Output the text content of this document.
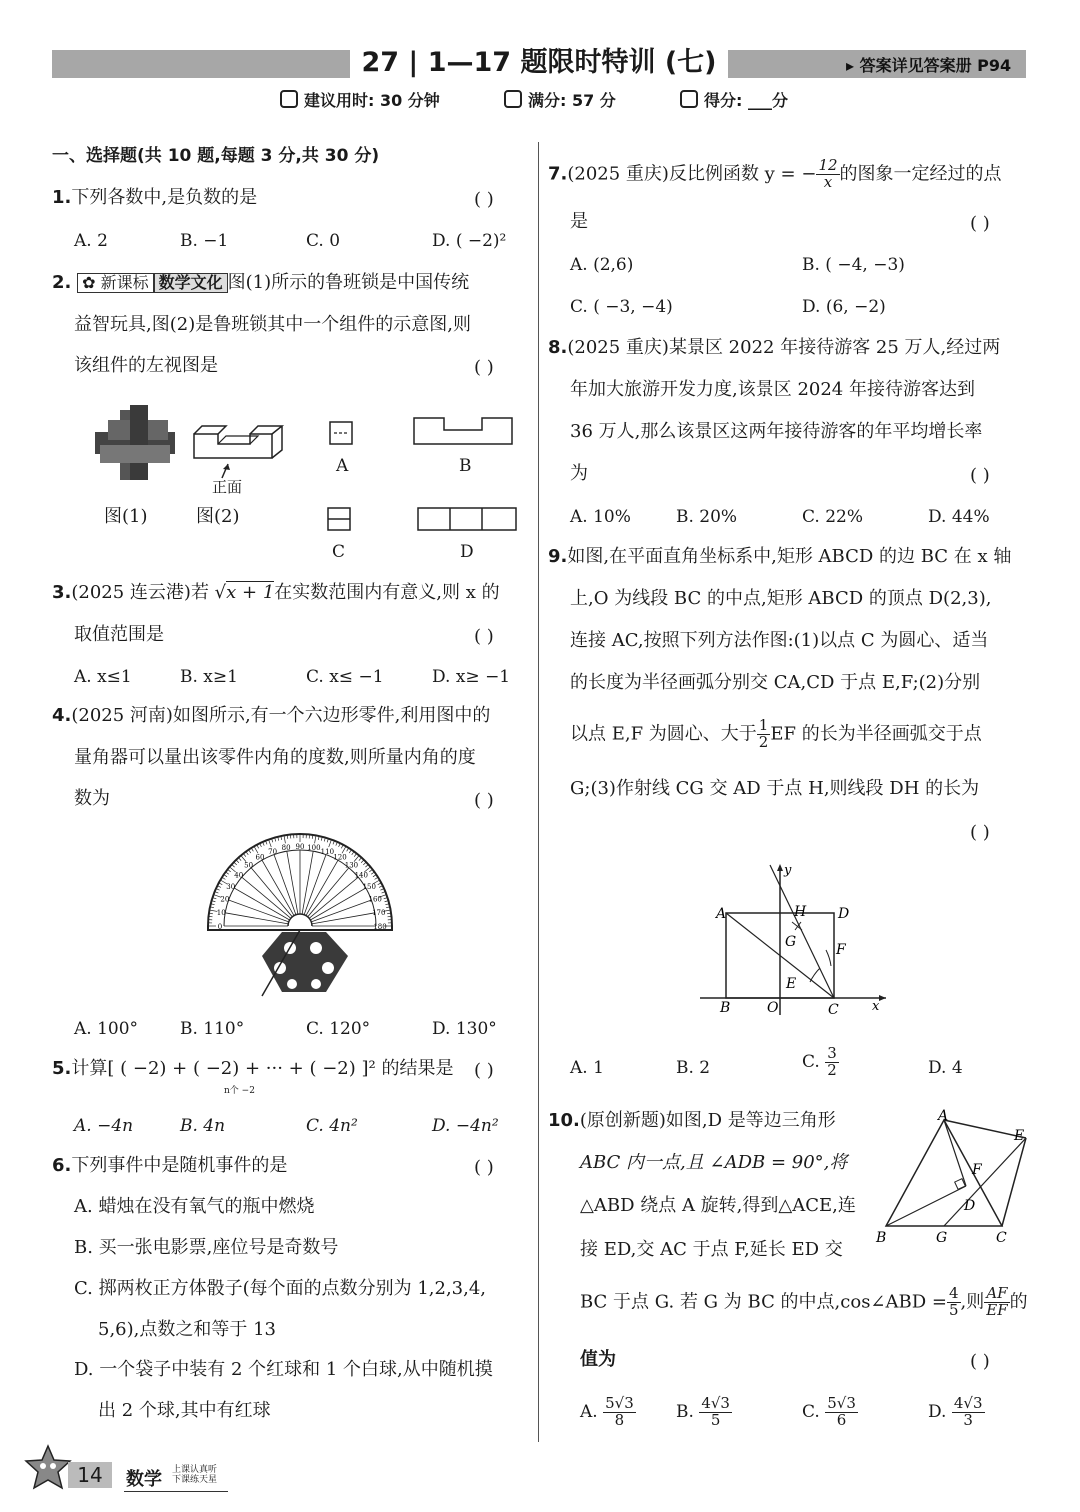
27 | 1—17 题限时特训 (七)	▸ 答案详见答案册 P94
建议用时: 30 分钟	满分: 57 分	得分: ___分
一、选择题(共 10 题,每题 3 分,共 30 分)
1.下列各数中,是负数的是	( )
A. 2	B. −1	C. 0	D. ( −2)²
2. ✿ 新课标 数学文化 图(1)所示的鲁班锁是中国传统
益智玩具,图(2)是鲁班锁其中一个组件的示意图,则
该组件的左视图是	( )
正面
图(1)	图(2)
A	B
C	D
3.(2025 连云港)若 √x + 1在实数范围内有意义,则 x 的
取值范围是	( )
A. x≤1	B. x≥1	C. x≤ −1	D. x≥ −1
4.(2025 河南)如图所示,有一个六边形零件,利用图中的
量角器可以量出该零件内角的度数,则所量内角的度
数为	( )
0
10
20
30
40
50
60
70 80 90 100 110
120
130
140
150
160
170
180
A. 100° B. 110°	C. 120°	D. 130°
5.计算[ ( −2) + ( −2) + ··· + ( −2) ]² 的结果是
n个 −2
( )
A. −4n	B. 4n	C. 4n²	D. −4n²
6.下列事件中是随机事件的是	( )
A. 蜡烛在没有氧气的瓶中燃烧
B. 买一张电影票,座位号是奇数号
C. 掷两枚正方体骰子(每个面的点数分别为 1,2,3,4,
5,6),点数之和等于 13
D. 一个袋子中装有 2 个红球和 1 个白球,从中随机摸
出 2 个球,其中有红球
7.(2025 重庆)反比例函数 y = − $\frac{12}{x}$ 的图象一定经过的点
是	( )
A. (2,6)	B. ( −4, −3)
C. ( −3, −4)	D. (6, −2)
8.(2025 重庆)某景区 2022 年接待游客 25 万人,经过两
年加大旅游开发力度,该景区 2024 年接待游客达到
36 万人,那么该景区这两年接待游客的年平均增长率
为	( )
A. 10%	B. 20%	C. 22%	D. 44%
9.如图,在平面直角坐标系中,矩形 ABCD 的边 BC 在 x 轴
上,O 为线段 BC 的中点,矩形 ABCD 的顶点 D(2,3),
连接 AC,按照下列方法作图:(1)以点 C 为圆心、适当
的长度为半径画弧分别交 CA,CD 于点 E,F;(2)分别
以点 E,F 为圆心、大于 $\frac{1}{2}$ EF 的长为半径画弧交于点
G;(3)作射线 CG 交 AD 于点 H,则线段 DH 的长为
( )
y
x
A	H D
G	F
E
B	O	C
A. 1	B. 2	C. $\frac{3}{2}$	D. 4
10.(原创新题)如图,D 是等边三角形
ABC 内一点,且 ∠ADB = 90°,将
△ABD 绕点 A 旋转,得到△ACE,连
接 ED,交 AC 于点 F,延长 ED 交
BC 于点 G. 若 G 为 BC 的中点,cos∠ABD = $\frac{4}{5}$ ,则 $\frac{AF}{EF}$ 的
值为	( )
A
E
F
D
B	G	C
A. $\frac{5√3}{8} B$. $\frac{4√3}{5}$	C. $\frac{5√3}{6}$	D. $\frac{4√3}{3}$
14	数学 上课认真听
下课练天星
